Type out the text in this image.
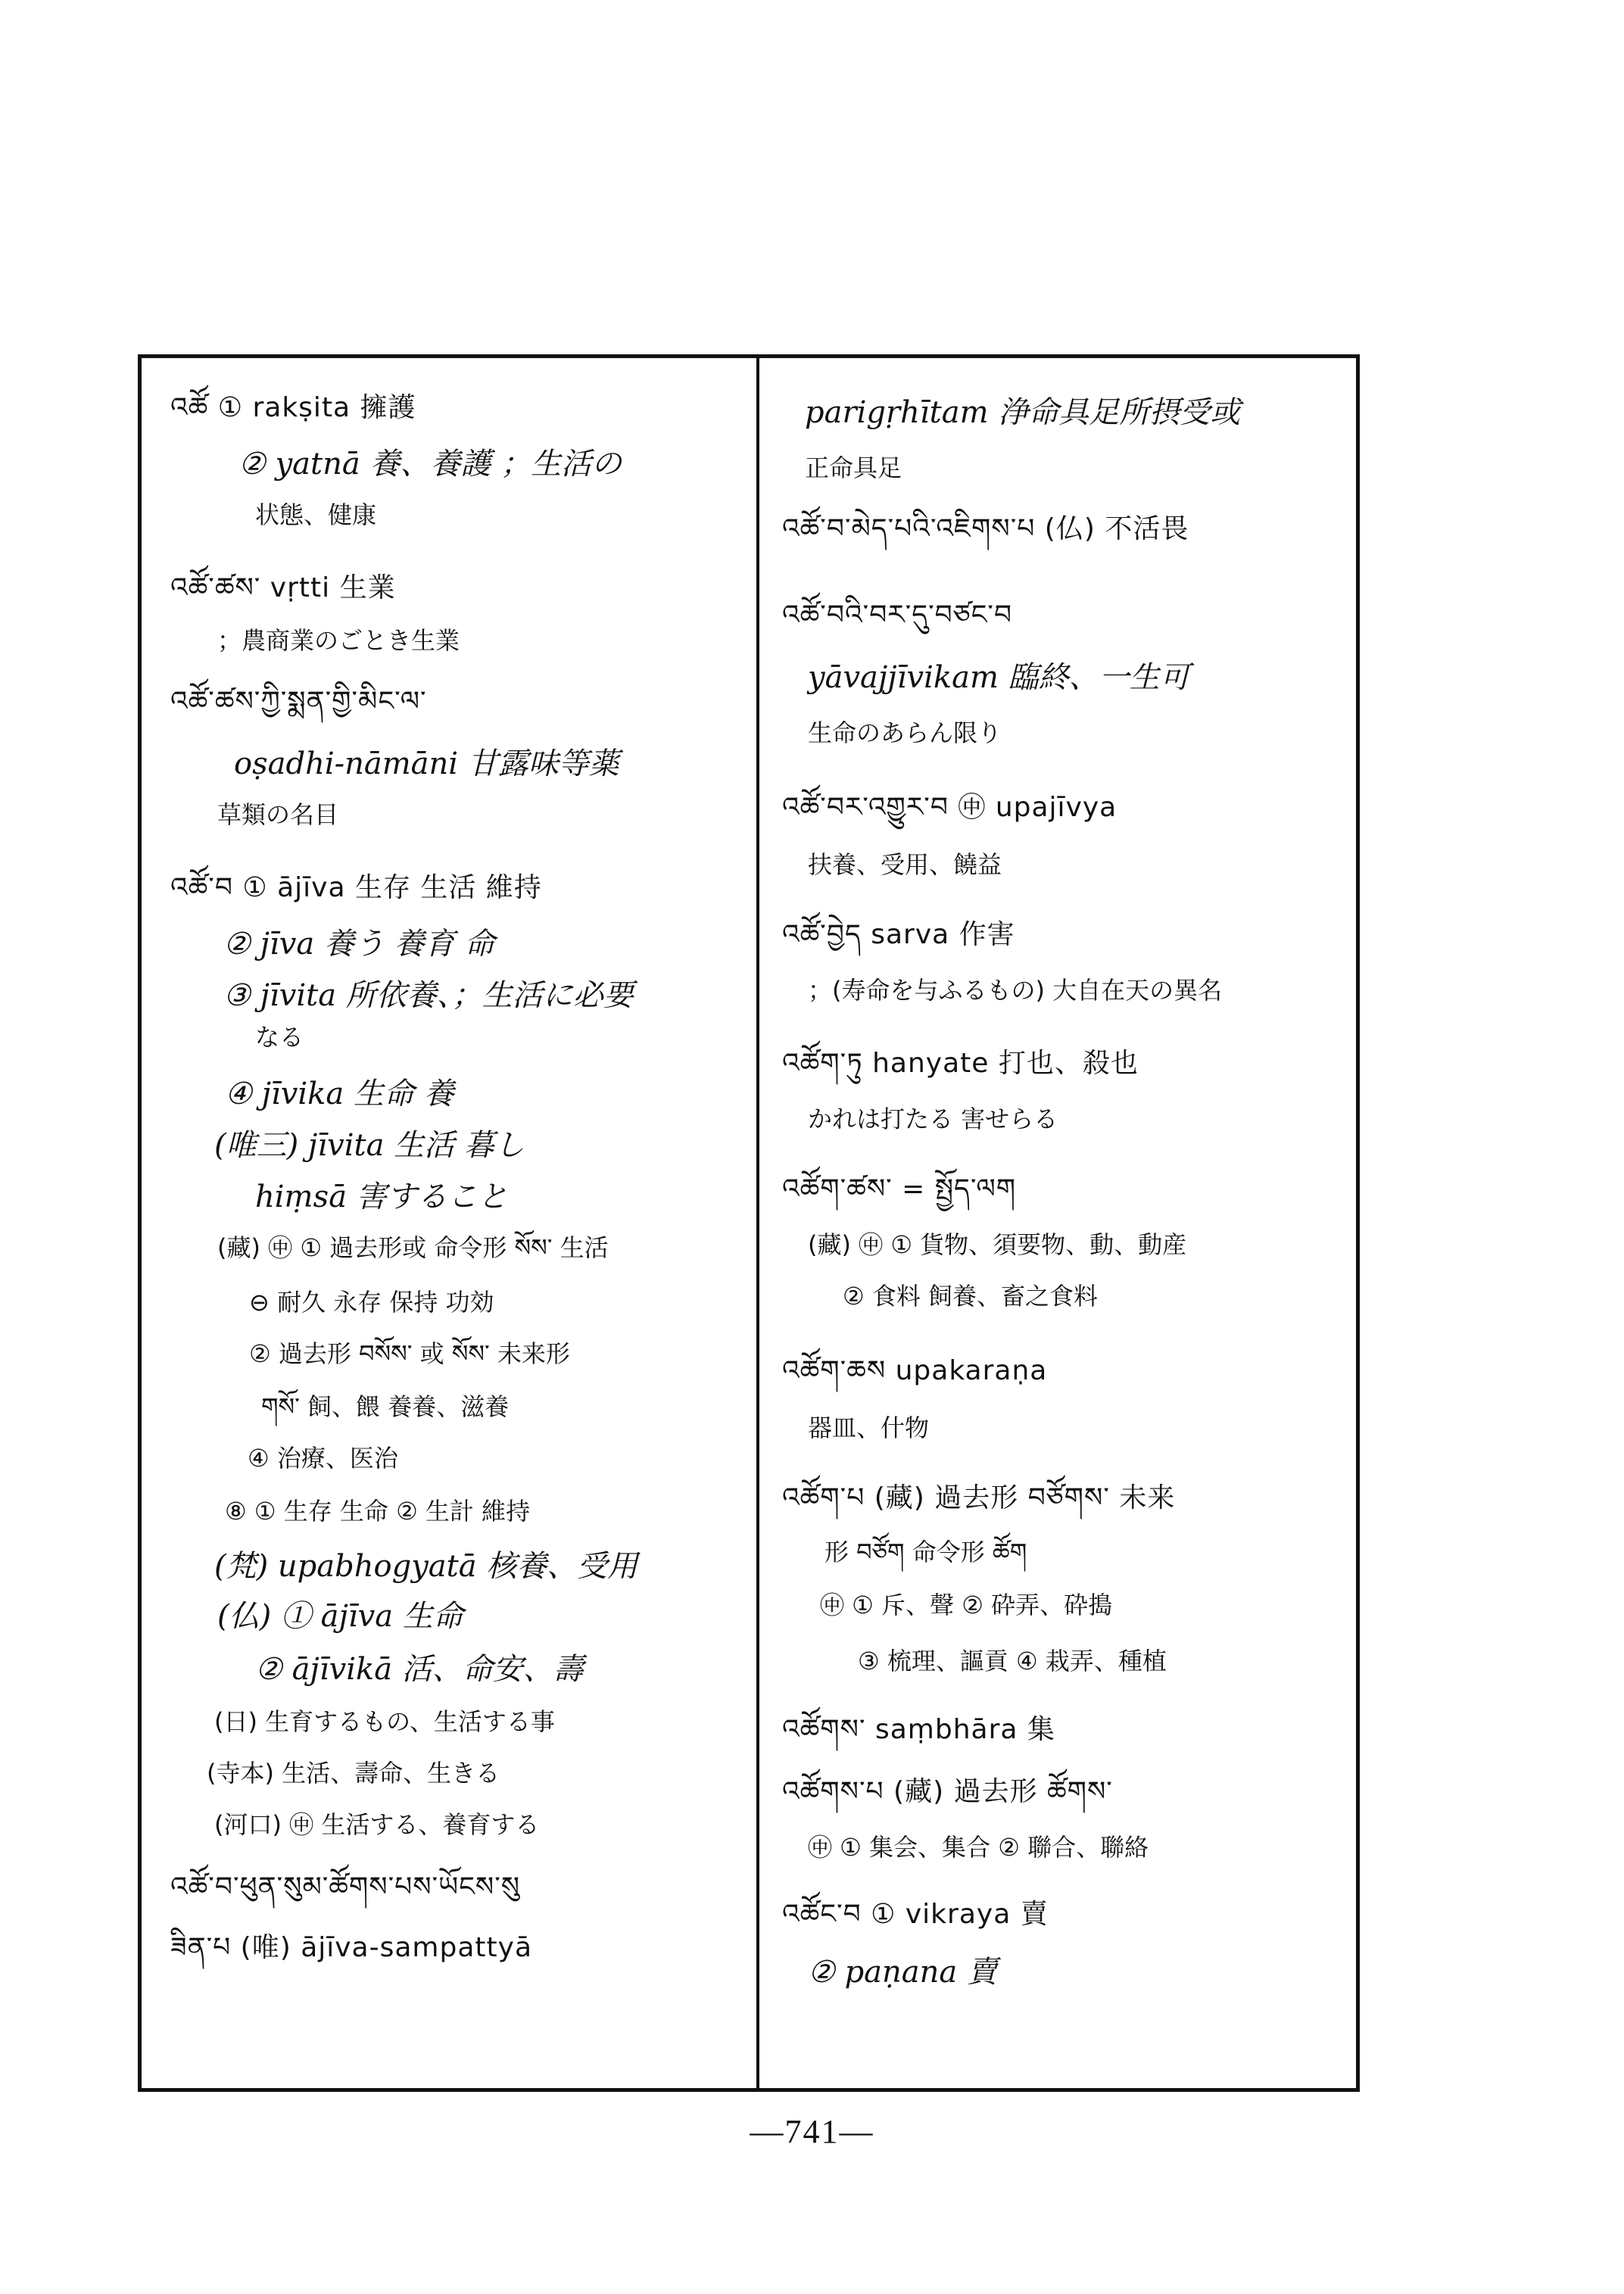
འཚོ ① rakṣita 擁護
② yatnā 養、養護 ；生活の
状態、健康
འཚོ་ཚས་ vṛtti 生業
；農商業のごとき生業
འཚོ་ཚས་ཀྱི་སྨན་གྱི་མིང་ལ་
oṣadhi-nāmāni 甘露味等薬
草類の名目
འཚོ་བ ① ājīva 生存 生活 維持
② jīva 養う 養育 命
③ jīvita 所依養、；生活に必要
なる
④ jīvika 生命 養
(唯三) jīvita 生活 暮し
hiṃsā 害すること
(藏) ㊥ ① 過去形或 命令形 སོས་ 生活
⊖ 耐久 永存 保持 功効
② 過去形 བསོས་ 或 སོས་ 未来形
གསོ་ 飼、餵 養養、滋養
④ 治療、医治
⑧ ① 生存 生命 ② 生計 維持
(梵) upabhogyatā 核養、受用
(仏) ① ājīva 生命
② ājīvikā 活、命安、壽
(日) 生育するもの、生活する事
(寺本) 生活、壽命、生きる
(河口) ㊥ 生活する、養育する
འཚོ་བ་ཕུན་སུམ་ཚོགས་པས་ཡོངས་སུ
ཟིན་པ (唯) ājīva-sampattyā
parigṛhītam 浄命具足所摂受或
正命具足
འཚོ་བ་མེད་པའི་འཇིགས་པ (仏) 不活畏
འཚོ་བའི་བར་དུ་བཙང་བ
yāvajjīvikam 臨終、一生可
生命のあらん限り
འཚོ་བར་འགྱུར་བ ㊥ upajīvya
扶養、受用、饒益
འཚོ་བྱེད sarva 作害
；(寿命を与ふるもの) 大自在天の異名
འཚོག་ཏུ hanyate 打也、殺也
かれは打たる 害せらる
འཚོག་ཚས་ = སྤྱོད་ལག
(藏) ㊥ ① 貨物、須要物、動、動産
② 食料 飼養、畜之食料
འཚོག་ཆས upakaraṇa
器皿、什物
འཚོག་པ (藏) 過去形 བཙོགས་ 未来
形 བཙོག 命令形 ཚོག
㊥ ① 斥、聲 ② 砕弄、砕搗
③ 梳理、謳貢 ④ 栽弄、種植
འཚོགས་ saṃbhāra 集
འཚོགས་པ (藏) 過去形 ཚོགས་
㊥ ① 集会、集合 ② 聯合、聯絡
འཚོང་བ ① vikraya 賣
② paṇana 賣
—741—
